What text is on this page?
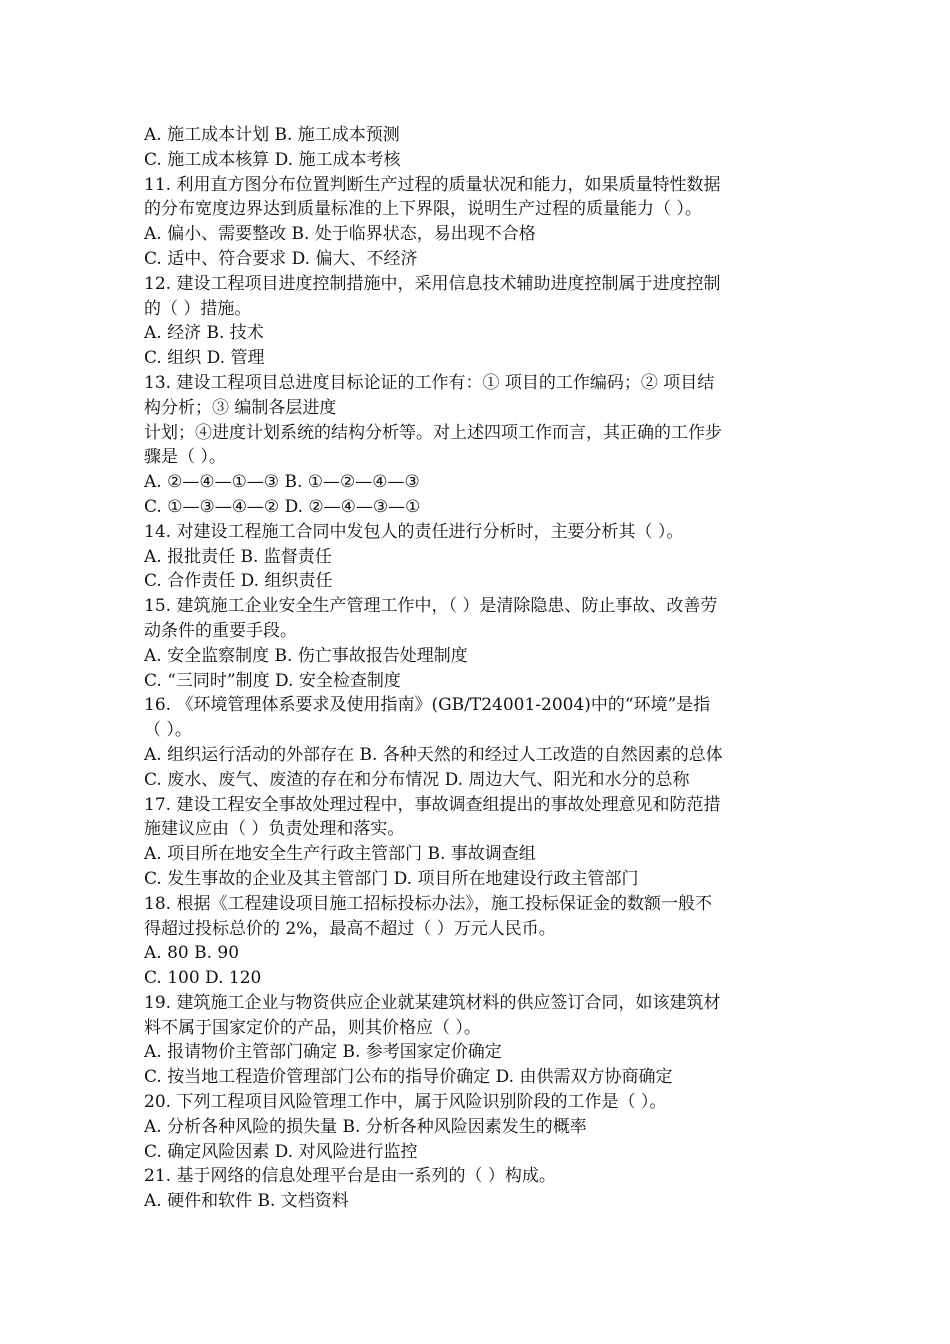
A. 施工成本计划 B. 施工成本预测
C. 施工成本核算 D. 施工成本考核
11. 利用直方图分布位置判断生产过程的质量状况和能力，如果质量特性数据
的分布宽度边界达到质量标准的上下界限，说明生产过程的质量能力（ ）。
A. 偏小、需要整改 B. 处于临界状态，易出现不合格
C. 适中、符合要求 D. 偏大、不经济
12. 建设工程项目进度控制措施中，采用信息技术辅助进度控制属于进度控制
的（ ）措施。
A. 经济 B. 技术
C. 组织 D. 管理
13. 建设工程项目总进度目标论证的工作有：① 项目的工作编码；② 项目结
构分析；③ 编制各层进度
计划；④进度计划系统的结构分析等。对上述四项工作而言，其正确的工作步
骤是（ ）。
A. ②—④—①—③ B. ①—②—④—③
C. ①—③—④—② D. ②—④—③—①
14. 对建设工程施工合同中发包人的责任进行分析时，主要分析其（ ）。
A. 报批责任 B. 监督责任
C. 合作责任 D. 组织责任
15. 建筑施工企业安全生产管理工作中，（ ）是清除隐患、防止事故、改善劳
动条件的重要手段。
A. 安全监察制度 B. 伤亡事故报告处理制度
C. “三同时”制度 D. 安全检查制度
16. 《环境管理体系要求及使用指南》(GB/T24001-2004)中的“环境”是指
（ ）。
A. 组织运行活动的外部存在 B. 各种天然的和经过人工改造的自然因素的总体
C. 废水、废气、废渣的存在和分布情况 D. 周边大气、阳光和水分的总称
17. 建设工程安全事故处理过程中，事故调查组提出的事故处理意见和防范措
施建议应由（ ）负责处理和落实。
A. 项目所在地安全生产行政主管部门 B. 事故调查组
C. 发生事故的企业及其主管部门 D. 项目所在地建设行政主管部门
18. 根据《工程建设项目施工招标投标办法》，施工投标保证金的数额一般不
得超过投标总价的 2%，最高不超过（ ）万元人民币。
A. 80 B. 90
C. 100 D. 120
19. 建筑施工企业与物资供应企业就某建筑材料的供应签订合同，如该建筑材
料不属于国家定价的产品，则其价格应（ ）。
A. 报请物价主管部门确定 B. 参考国家定价确定
C. 按当地工程造价管理部门公布的指导价确定 D. 由供需双方协商确定
20. 下列工程项目风险管理工作中，属于风险识别阶段的工作是（ ）。
A. 分析各种风险的损失量 B. 分析各种风险因素发生的概率
C. 确定风险因素 D. 对风险进行监控
21. 基于网络的信息处理平台是由一系列的（ ）构成。
A. 硬件和软件 B. 文档资料
